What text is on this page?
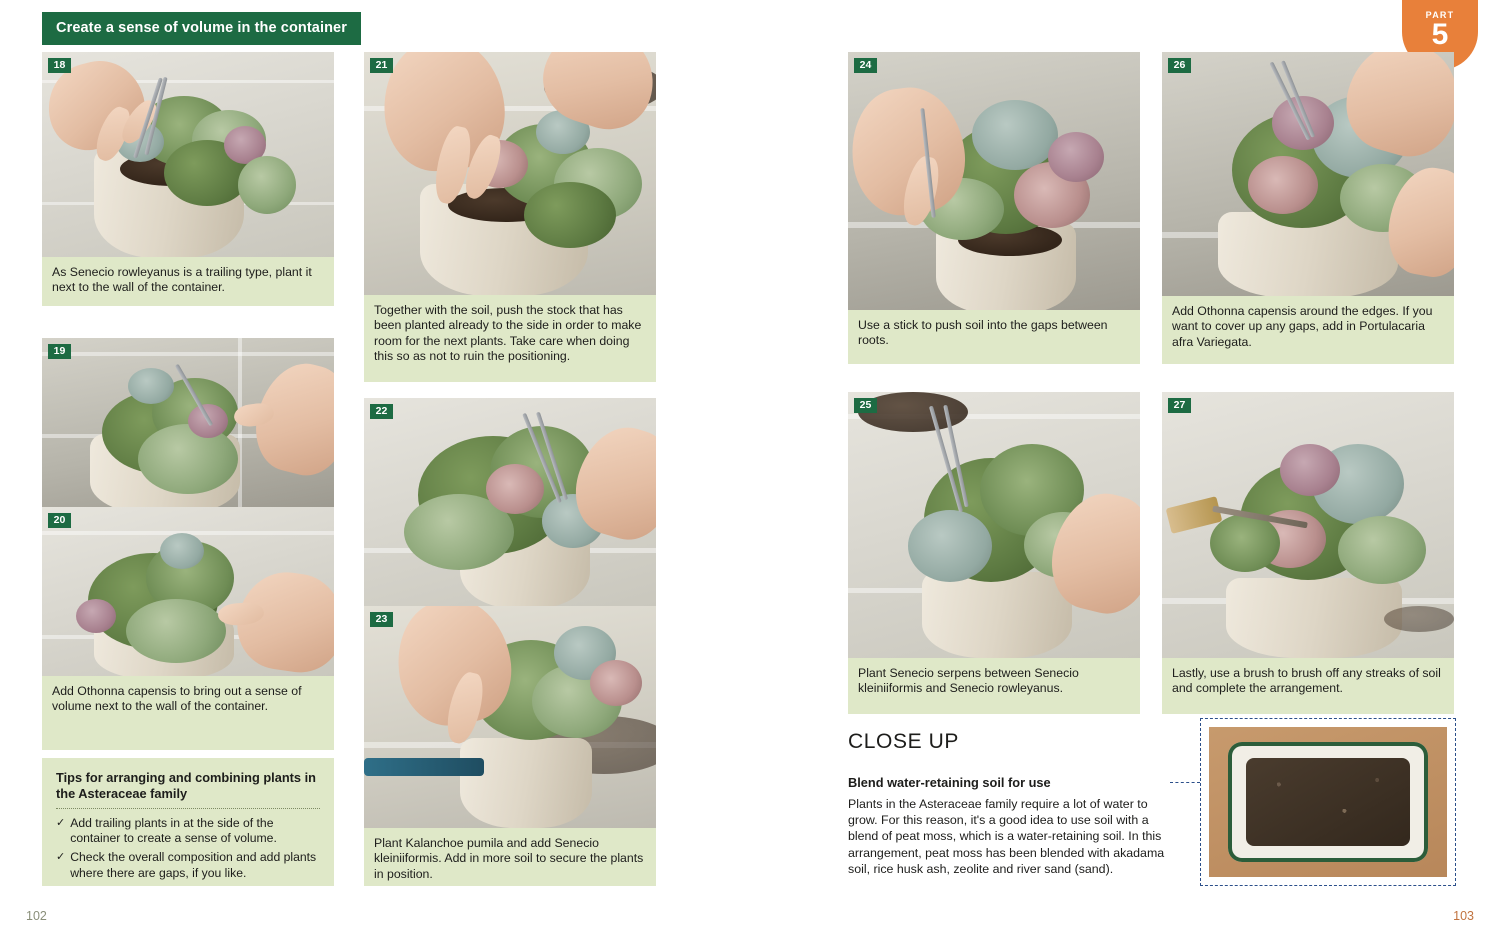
Create a sense of volume in the container
18
As Senecio rowleyanus is a trailing type, plant it next to the wall of the container.
19
20
Add Othonna capensis to bring out a sense of volume next to the wall of the container.
Tips for arranging and combining plants in the Asteraceae family
✓ Add trailing plants in at the side of the container to create a sense of volume.
✓ Check the overall composition and add plants where there are gaps, if you like.
21
Together with the soil, push the stock that has been planted already to the side in order to make room for the next plants. Take care when doing this so as not to ruin the positioning.
22
23
Plant Kalanchoe pumila and add Senecio kleiniiformis. Add in more soil to secure the plants in position.
102
PART
5
24
Use a stick to push soil into the gaps between roots.
25
Plant Senecio serpens between Senecio kleiniiformis and Senecio rowleyanus.
26
Add Othonna capensis around the edges. If you want to cover up any gaps, add in Portulacaria afra Variegata.
27
Lastly, use a brush to brush off any streaks of soil and complete the arrangement.
CLOSE UP
Blend water-retaining soil for use
Plants in the Asteraceae family require a lot of water to grow. For this reason, it's a good idea to use soil with a blend of peat moss, which is a water-retaining soil. In this arrangement, peat moss has been blended with akadama soil, rice husk ash, zeolite and river sand (sand).
103
